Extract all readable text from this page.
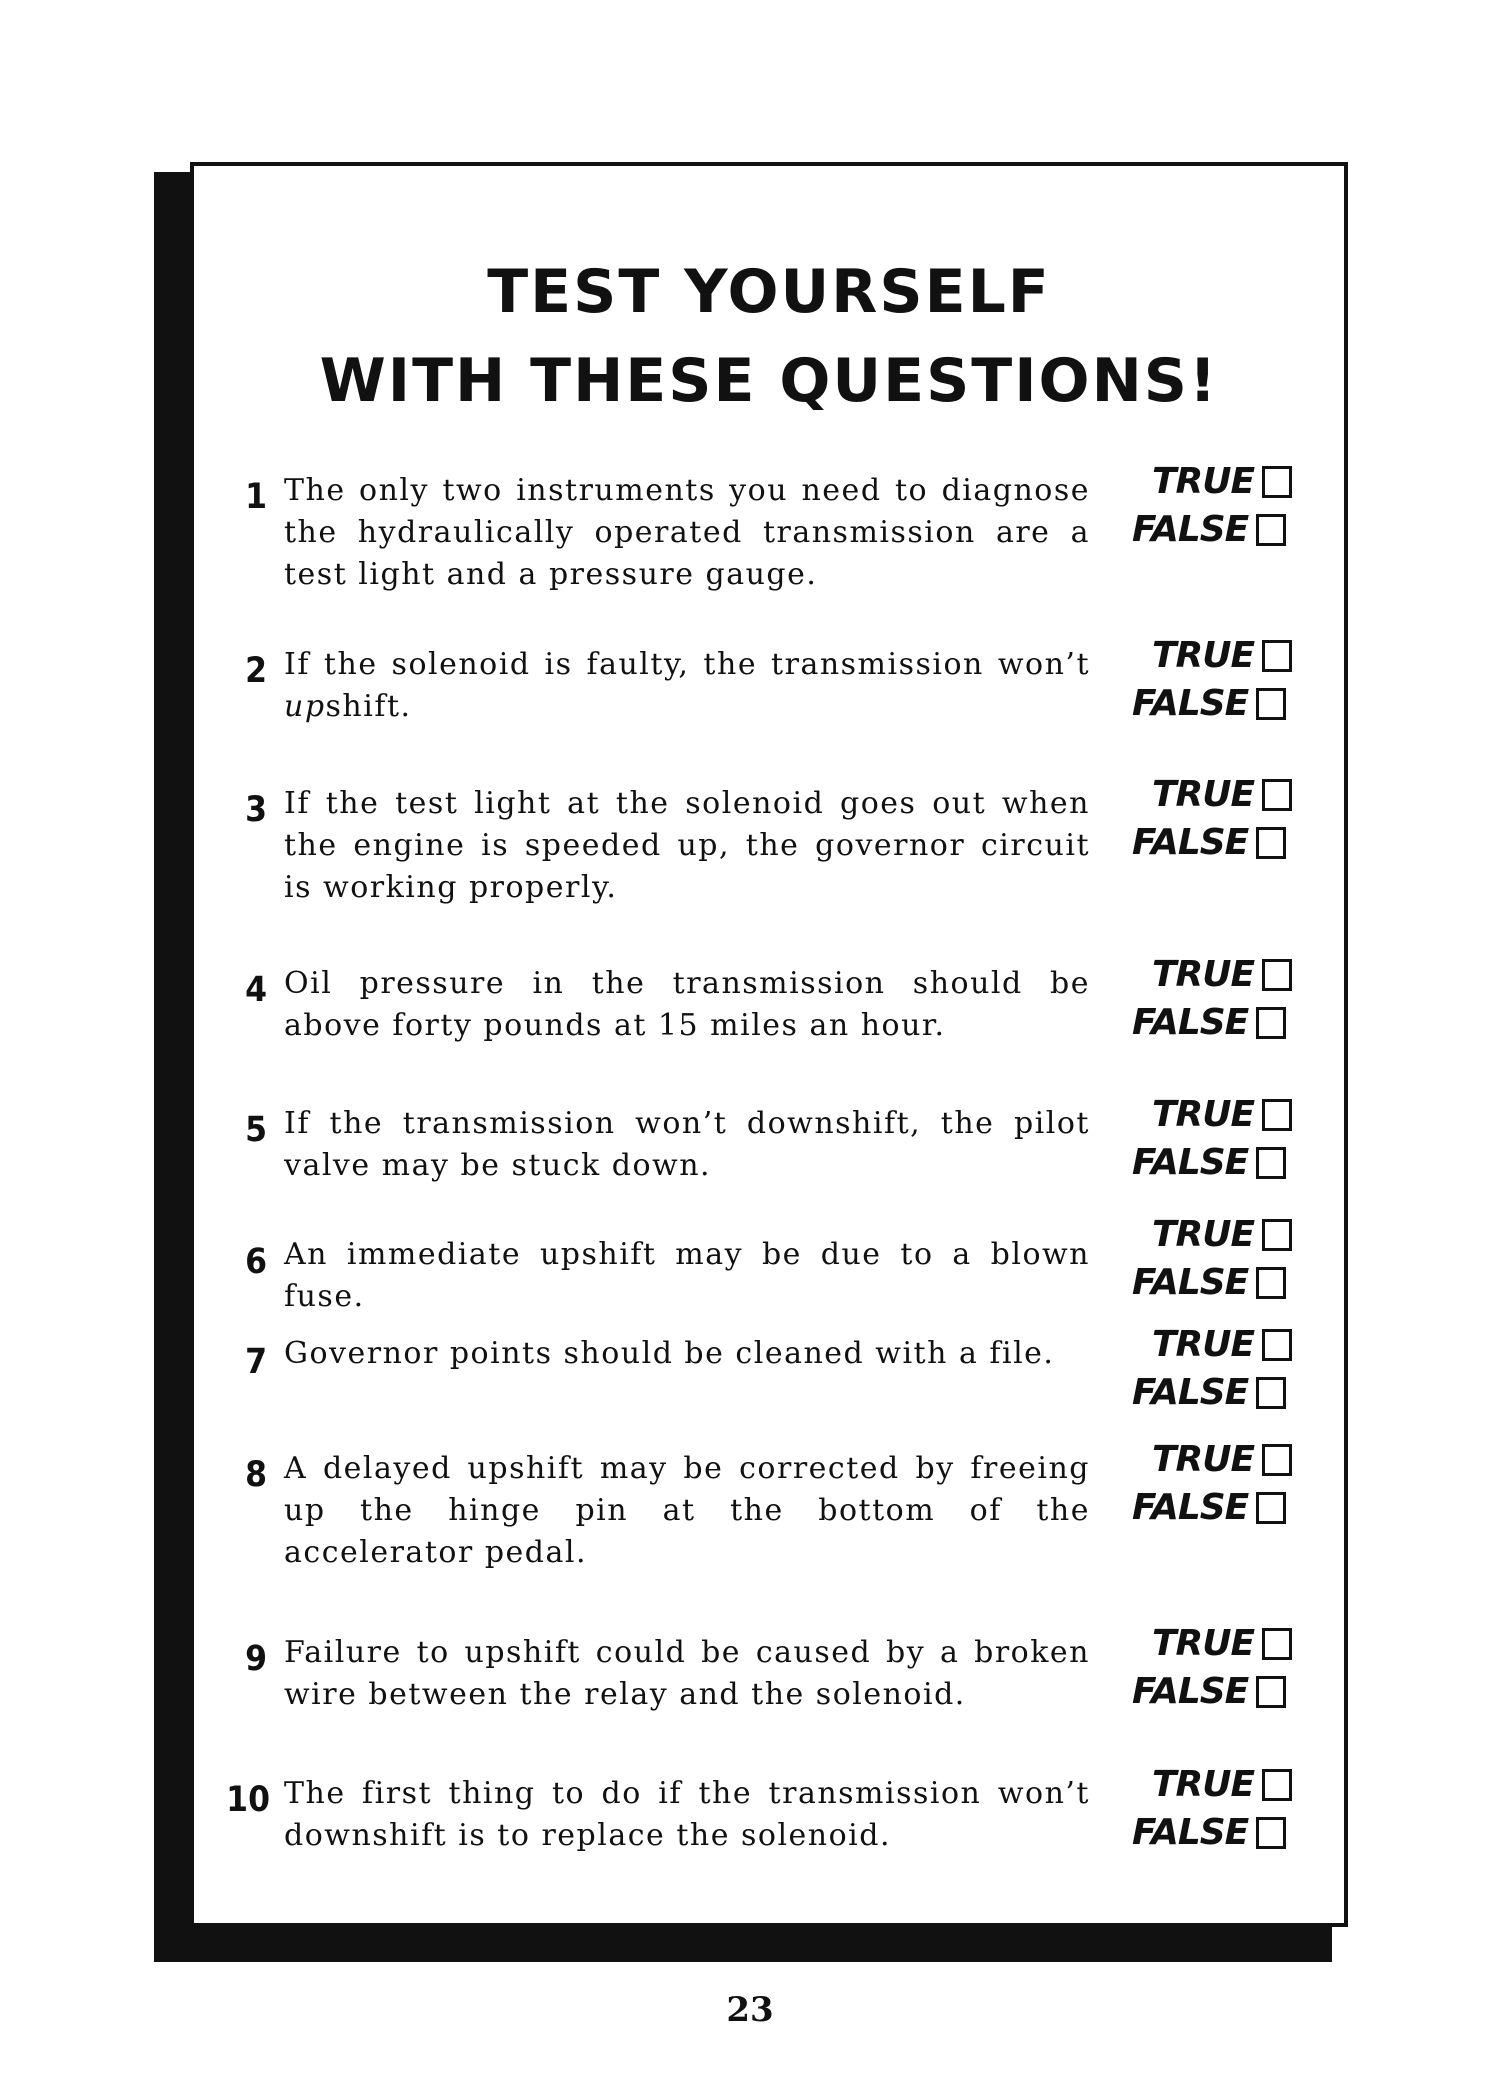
TEST YOURSELF
WITH THESE QUESTIONS!
1 The only two instruments you need to diagnose the hydraulically operated transmission are a test light and a pressure gauge.

TRUE
FALSE
2 If the solenoid is faulty, the transmission won’t upshift.

TRUE
FALSE
3 If the test light at the solenoid goes out when the engine is speeded up, the governor circuit is working properly.

TRUE
FALSE
4 Oil pressure in the transmission should be above forty pounds at 15 miles an hour.

TRUE
FALSE
5 If the transmission won’t downshift, the pilot valve may be stuck down.

TRUE
FALSE
6 An immediate upshift may be due to a blown fuse.

TRUE
FALSE
7 Governor points should be cleaned with a file.	TRUE
FALSE
8 A delayed upshift may be corrected by freeing up the hinge pin at the bottom of the accelerator pedal.

TRUE
FALSE
9 Failure to upshift could be caused by a broken wire between the relay and the solenoid.

TRUE
FALSE
10 The first thing to do if the transmission won’t downshift is to replace the solenoid.

TRUE
FALSE
23
